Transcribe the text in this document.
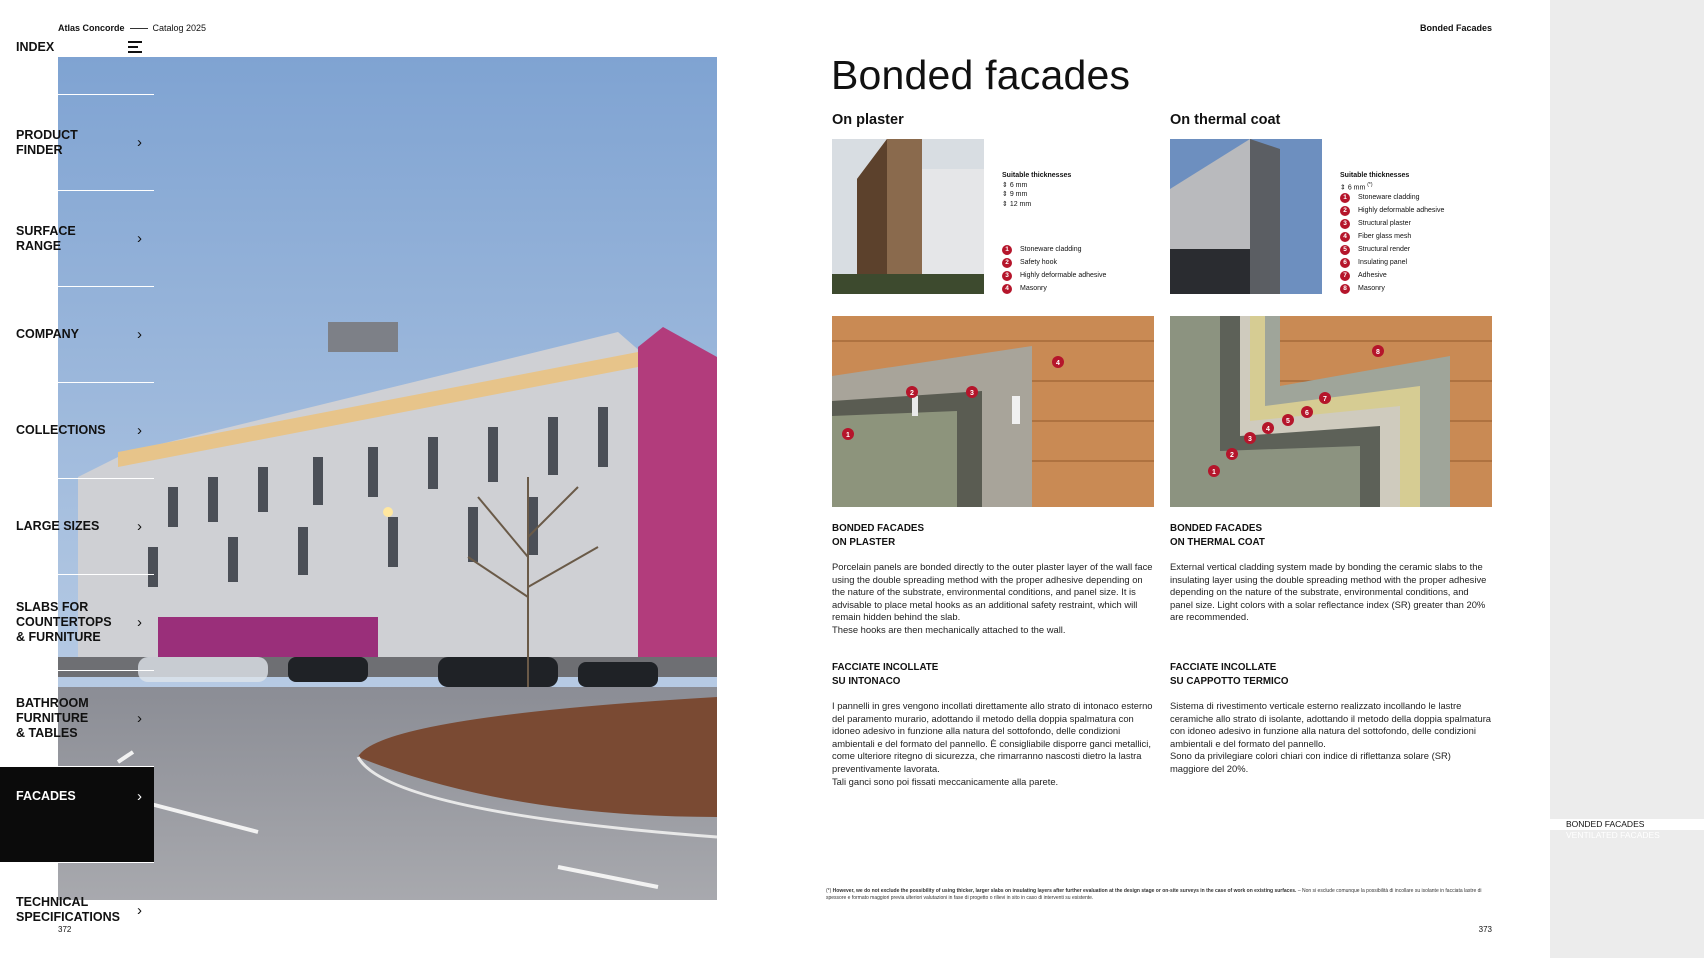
Atlas Concorde	Catalog 2025	Bonded Facades
372	373
Bonded facades
On plaster
Suitable thicknesses
⇕ 6 mm
⇕ 9 mm
⇕ 12 mm
1	Stoneware cladding
2	Safety hook
3	Highly deformable adhesive
4	Masonry
On thermal coat
Suitable thicknesses
⇕ 6 mm (*)
1	Stoneware cladding
2	Highly deformable adhesive
3	Structural plaster
4	Fiber glass mesh
5	Structural render
6	Insulating panel
7	Adhesive
8	Masonry
1
2	3
4
1
2
3
4
5
6
7
8
BONDED FACADES
ON PLASTER
Porcelain panels are bonded directly to the outer plaster layer of the wall face using the double spreading method with the proper adhesive depending on the nature of the substrate, environmental conditions, and panel size. It is advisable to place metal hooks as an additional safety restraint, which will remain hidden behind the slab.
These hooks are then mechanically attached to the wall.
FACCIATE INCOLLATE
SU INTONACO
I pannelli in gres vengono incollati direttamente allo strato di intonaco esterno del paramento murario, adottando il metodo della doppia spalmatura con idoneo adesivo in funzione alla natura del sottofondo, delle condizioni ambientali e del formato del pannello. È consigliabile disporre ganci metallici, come ulteriore ritegno di sicurezza, che rimarranno nascosti dietro la lastra preventivamente lavorata.
Tali ganci sono poi fissati meccanicamente alla parete.
BONDED FACADES
ON THERMAL COAT
External vertical cladding system made by bonding the ceramic slabs to the insulating layer using the double spreading method with the proper adhesive depending on the nature of the substrate, environmental conditions, and panel size. Light colors with a solar reflectance index (SR) greater than 20% are recommended.
FACCIATE INCOLLATE
SU CAPPOTTO TERMICO
Sistema di rivestimento verticale esterno realizzato incollando le lastre ceramiche allo strato di isolante, adottando il metodo della doppia spalmatura con idoneo adesivo in funzione alla natura del sottofondo, delle condizioni ambientali e del formato del pannello.
Sono da privilegiare colori chiari con indice di riflettanza solare (SR) maggiore del 20%.
(*) However, we do not exclude the possibility of using thicker, larger slabs on insulating layers after further evaluation at the design stage or on-site surveys in the case of work on existing surfaces. – Non si esclude comunque la possibilità di incollare su isolante in facciata lastre di spessore e formato maggiori previa ulteriori valutazioni in fase di progetto o rilievi in sito in caso di interventi su esistente.
INDEX
PRODUCT
FINDER	›
SURFACE
RANGE	›
COMPANY	›
COLLECTIONS ›
LARGE SIZES	›
SLABS FOR
COUNTERTOPS
& FURNITURE
›
BATHROOM
FURNITURE
& TABLES
›
FACADES	›
BONDED FACADES
VENTILATED FACADES
TECHNICAL
SPECIFICATIONS ›
